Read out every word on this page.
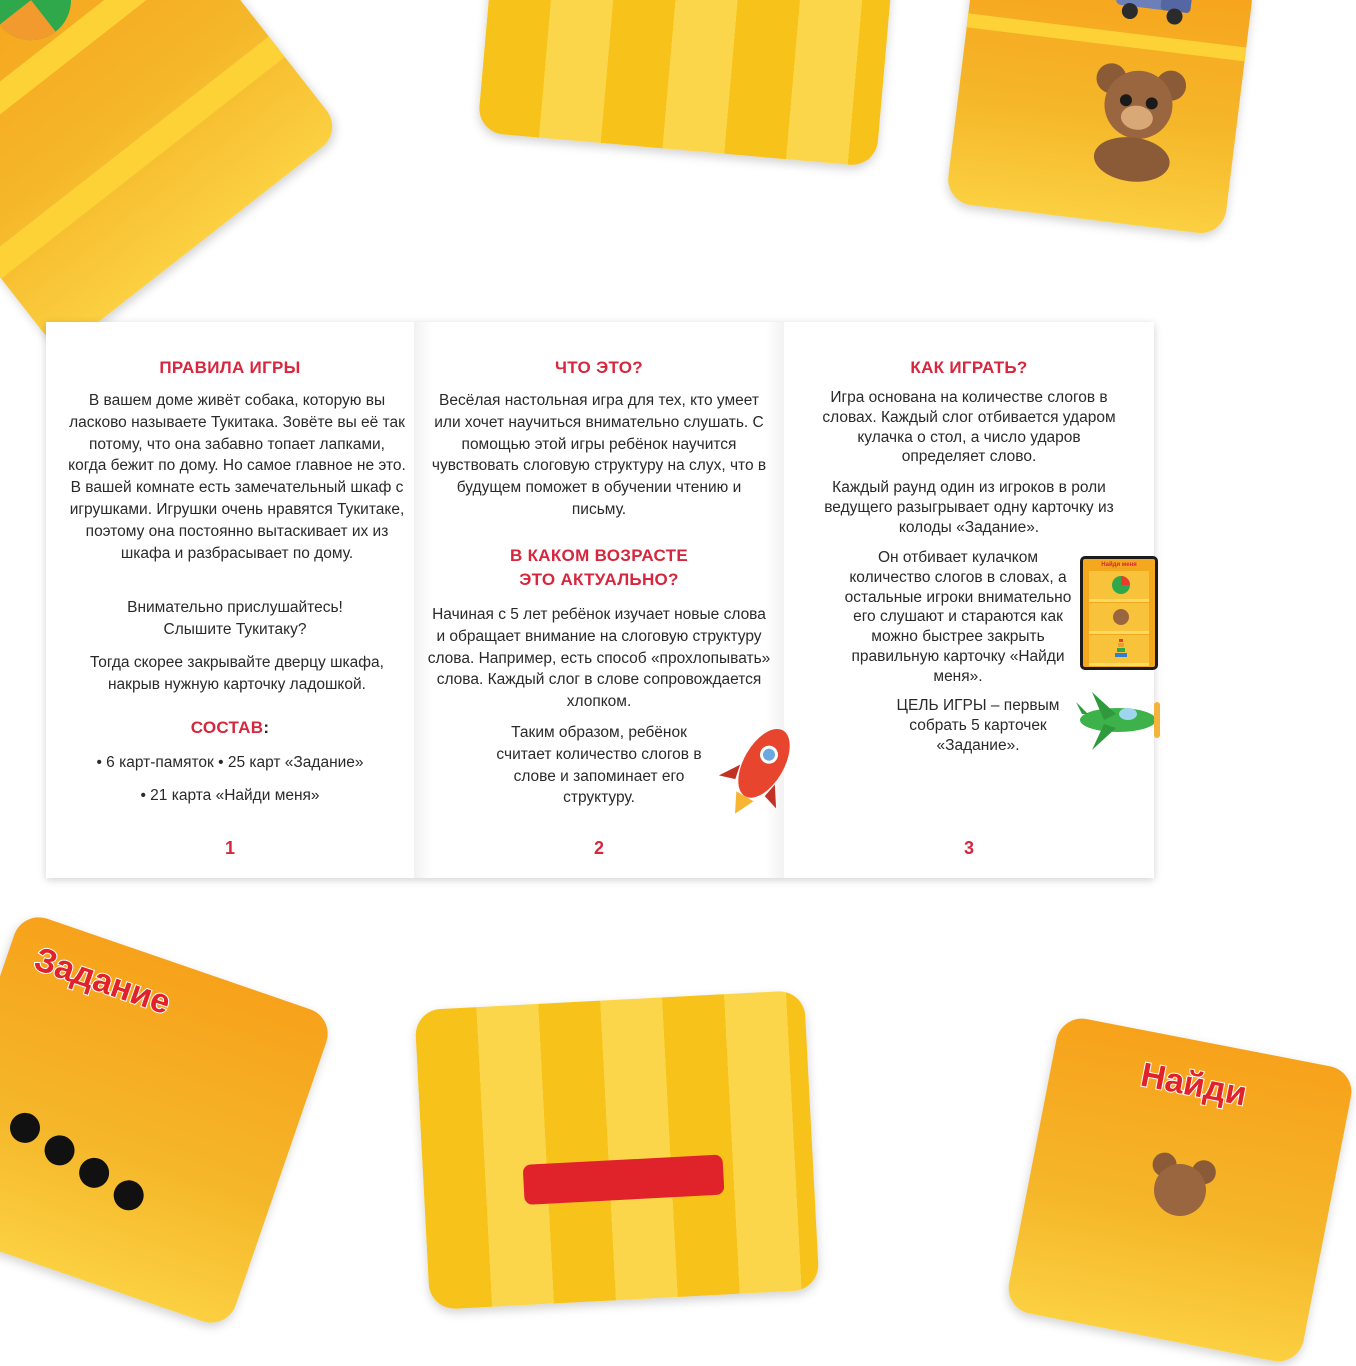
Задание
Найди
ПРАВИЛА ИГРЫ

В вашем доме живёт собака, которую вы ласково называете Тукитака. Зовёте вы её так потому, что она забавно топает лапками, когда бежит по дому. Но самое главное не это. В вашей комнате есть замечательный шкаф с игрушками. Игрушки очень нравятся Тукитаке, поэтому она постоянно вытаскивает их из шкафа и разбрасывает по дому.

Внимательно прислушайтесь! Слышите Тукитаку?

Тогда скорее закрывайте дверцу шкафа, накрыв нужную карточку ладошкой.

СОСТАВ:

• 6 карт-памяток • 25 карт «Задание»

• 21 карта «Найди меня»

1
ЧТО ЭТО?

Весёлая настольная игра для тех, кто умеет или хочет научиться внимательно слушать. С помощью этой игры ребёнок научится чувствовать слоговую структуру на слух, что в будущем поможет в обучении чтению и письму.

В КАКОМ ВОЗРАСТЕ
ЭТО АКТУАЛЬНО?

Начиная с 5 лет ребёнок изучает новые слова и обращает внимание на слоговую структуру слова. Например, есть способ «прохлопывать» слова. Каждый слог в слове сопровождается хлопком.

Таким образом, ребёнок считает количество слогов в слове и запоминает его структуру.

2
КАК ИГРАТЬ?

Игра основана на количестве слогов в словах. Каждый слог отбивается ударом кулачка о стол, а число ударов определяет слово.

Каждый раунд один из игроков в роли ведущего разыгрывает одну карточку из колоды «Задание».

Он отбивает кулачком количество слогов в словах, а остальные игроки внимательно его слушают и стараются как можно быстрее закрыть правильную карточку «Найди меня».

ЦЕЛЬ ИГРЫ – первым собрать 5 карточек «Задание».

Найди меня
3
